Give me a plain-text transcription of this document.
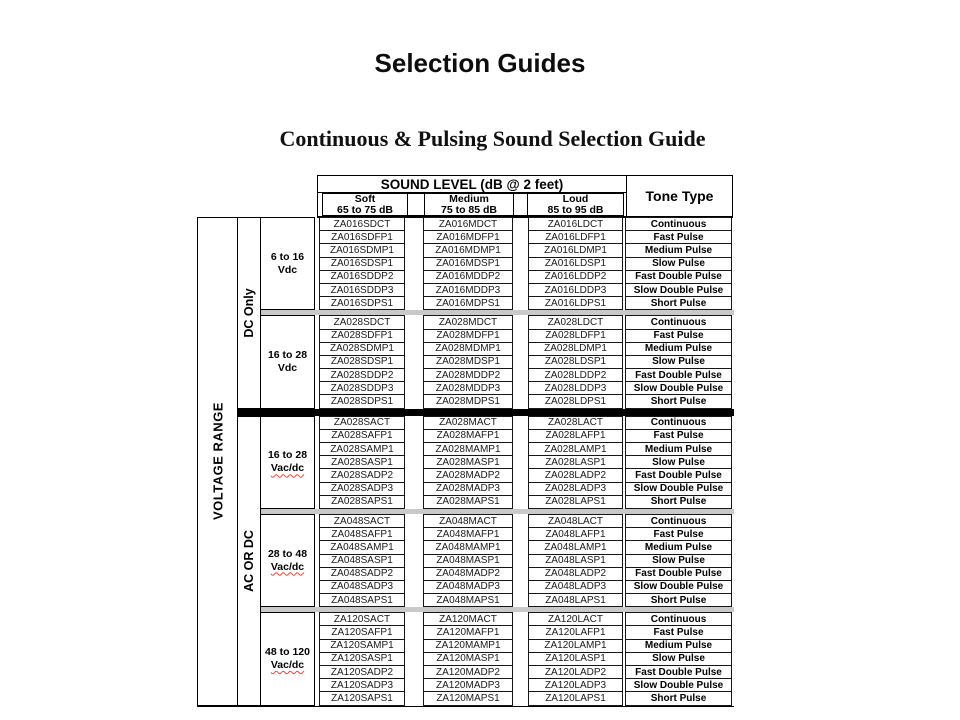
Selection Guides
Continuous & Pulsing Sound Selection Guide
SOUND LEVEL (dB @ 2 feet)
Soft
65 to 75 dB
Medium
75 to 85 dB
Loud
85 to 95 dB
Tone Type
VOLTAGE RANGE
DC Only
6 to 16
Vdc
ZA016SDCT	ZA016MDCT	ZA016LDCT	Continuous
ZA016SDFP1	ZA016MDFP1	ZA016LDFP1	Fast Pulse
ZA016SDMP1	ZA016MDMP1	ZA016LDMP1	Medium Pulse
ZA016SDSP1	ZA016MDSP1	ZA016LDSP1	Slow Pulse
ZA016SDDP2	ZA016MDDP2	ZA016LDDP2	Fast Double Pulse
ZA016SDDP3	ZA016MDDP3	ZA016LDDP3	Slow Double Pulse
ZA016SDPS1	ZA016MDPS1	ZA016LDPS1	Short Pulse
16 to 28
Vdc
ZA028SDCT	ZA028MDCT	ZA028LDCT	Continuous
ZA028SDFP1	ZA028MDFP1	ZA028LDFP1	Fast Pulse
ZA028SDMP1	ZA028MDMP1	ZA028LDMP1	Medium Pulse
ZA028SDSP1	ZA028MDSP1	ZA028LDSP1	Slow Pulse
ZA028SDDP2	ZA028MDDP2	ZA028LDDP2	Fast Double Pulse
ZA028SDDP3	ZA028MDDP3	ZA028LDDP3	Slow Double Pulse
ZA028SDPS1	ZA028MDPS1	ZA028LDPS1	Short Pulse
AC OR DC
16 to 28
Vac/dc
ZA028SACT	ZA028MACT	ZA028LACT	Continuous
ZA028SAFP1	ZA028MAFP1	ZA028LAFP1	Fast Pulse
ZA028SAMP1	ZA028MAMP1	ZA028LAMP1	Medium Pulse
ZA028SASP1	ZA028MASP1	ZA028LASP1	Slow Pulse
ZA028SADP2	ZA028MADP2	ZA028LADP2	Fast Double Pulse
ZA028SADP3	ZA028MADP3	ZA028LADP3	Slow Double Pulse
ZA028SAPS1	ZA028MAPS1	ZA028LAPS1	Short Pulse
28 to 48
Vac/dc
ZA048SACT	ZA048MACT	ZA048LACT	Continuous
ZA048SAFP1	ZA048MAFP1	ZA048LAFP1	Fast Pulse
ZA048SAMP1	ZA048MAMP1	ZA048LAMP1	Medium Pulse
ZA048SASP1	ZA048MASP1	ZA048LASP1	Slow Pulse
ZA048SADP2	ZA048MADP2	ZA048LADP2	Fast Double Pulse
ZA048SADP3	ZA048MADP3	ZA048LADP3	Slow Double Pulse
ZA048SAPS1	ZA048MAPS1	ZA048LAPS1	Short Pulse
48 to 120
Vac/dc
ZA120SACT	ZA120MACT	ZA120LACT	Continuous
ZA120SAFP1	ZA120MAFP1	ZA120LAFP1	Fast Pulse
ZA120SAMP1	ZA120MAMP1	ZA120LAMP1	Medium Pulse
ZA120SASP1	ZA120MASP1	ZA120LASP1	Slow Pulse
ZA120SADP2	ZA120MADP2	ZA120LADP2	Fast Double Pulse
ZA120SADP3	ZA120MADP3	ZA120LADP3	Slow Double Pulse
ZA120SAPS1	ZA120MAPS1	ZA120LAPS1	Short Pulse
